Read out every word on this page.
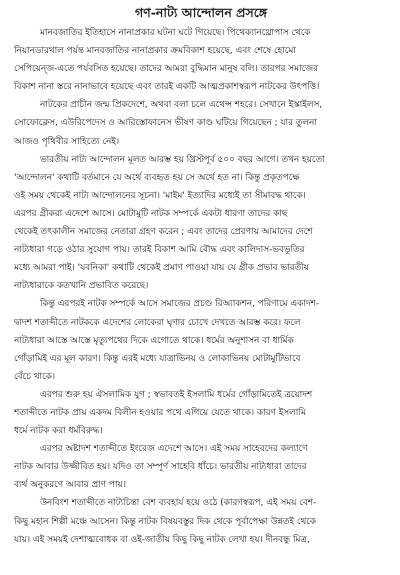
গণ-নাট্য আন্দোলন প্রসঙ্গে

মানবজাতির ইতিহাসে নানাপ্রকার ঘটনা ঘটে গিয়েছে। পিথেক্যানথ্রোপাস থেকে
নিয়ানডারথাল পর্যন্ত মানবজাতির নানাপ্রকার ক্রমবিকাশ হয়েছে, এবং শেষে হোমো
সেপিয়েন্জ-এতে পর্যবসিত হয়েছে। তাদের আমরা বুদ্ধিমান মানুষ বলি। তারপর সমাজের
বিকাশ নানা স্তরে নানাভাবে হয়েছে এবং তারই একটি আত্মপ্রকাশস্বরূপ নাটকের উৎপত্তি।

নাটকের প্রাচীন জন্ম প্রিকদেশে, অথবা বলা চলে এথেন্স শহরে। সেখানে ইস্কাইলস,
সোফোক্লেস, এউরিপেদেস ও আরিস্তোফানেস ভীষণ কাণ্ড ঘটিয়ে গিয়েছেন ; যার তুলনা
আজও পৃথিবীর সাহিত্যে নেই।

ভারতীয় নাট্য আন্দোলন মূলত আরম্ভ হয় খ্রিস্টপূর্ব ৫০০ বছর আগে। তখন হয়তো
'আন্দোলন' কথাটি বর্তমানে যে অর্থে ব্যবহৃত হয় সে অর্থে হত না। কিন্তু প্রকৃতপক্ষে
ওই সময় থেকেই নাট্য আন্দোলনের সূচনা। 'মাইম' ইত্যাদির মধ্যেই তা সীমাবদ্ধ থাকে।
এরপর গ্রীকরা এদেশে আসে। মোটামুটি নাটক সম্পর্কে একটা ধারণা তাদের কাছ
থেকেই তৎকালীন সমাজের নেতারা গ্রহণ করেন ; এবং তাদের প্রেরণায় আমাদের দেশে
নাট্যধারা গড়ে ওঠার সুযোগ পায়। তারই বিকাশ আমি বৌদ্ধ এবং কালিদাস-ভবভূতির
মধ্যে আমরা পাই। 'যবনিকা' কথাটি থেকেই প্রমাণ পাওয়া যায় যে গ্রীক প্রভাব ভারতীয়
নাট্যধারাকে কতখানি প্রভাবিত করেছে।

কিন্তু এরপরই নাটক সম্পর্কে আসে সমাজের প্রচণ্ড রিঅ্যাকশন, পরিণামে একাদশ-
দ্বাদশ শতাব্দীতে নাটককে এদেশের লোকেরা ঘৃণার চোখে দেখতে আরম্ভ করে। ফলে
নাট্যধারা আস্তে আস্তে মৃত্যুপথের দিকে এগোতে থাকে। ধর্মের অনুশাসন বা ধার্মিক
গোঁড়ামিই এর মূল কারণ। কিন্তু এরই মধ্যে যাত্রাভিনয় ও লোকাভিনয় মোটামুটিভাবে
বেঁচে থাকে।

এরপর শুরু হয় ঐসলামিক যুগ ; স্বভাবতই ইসলামি ধর্মের গোঁড়ামিতেই ত্রয়োদশ
শতাব্দীতে নাটক প্রায় একদম বিলীন হওয়ার পথে এগিয়ে যেতে থাকে। কারণ ইসলামি
ধর্মে নাটক করা ধর্মবিরুদ্ধ।

এরপর অষ্টাদশ শতাব্দীতে ইংরেজ এদেশে আসে। এই সময় সাহেবদের কল্যাণে
নাটক আবার উজ্জীবিত হয়। যদিও তা সম্পূর্ণ সাহেবি ধাঁচে। ভারতীয় নাট্যধারা তাদের
ব্যর্থ অনুকরণে আবার প্রাণ পায়।

উনবিংশ শতাব্দীতে নাট্যচিন্তা বেশ ব্যবহার্য হয়ে ওঠে (কারণস্বরূপ, এই সময় বেশ-
কিছু মহান শিল্পী মঞ্চে আসেন। কিন্তু নাটক বিষয়বস্তুর দিক থেকে পূর্বাপেক্ষা উন্নতই থেকে
যায়। এই সময়ই দেশাত্মবোধক বা ওই-জাতীয় কিছু কিছু নাটক লেখা হয়। দীনবন্ধু মিত্র,
